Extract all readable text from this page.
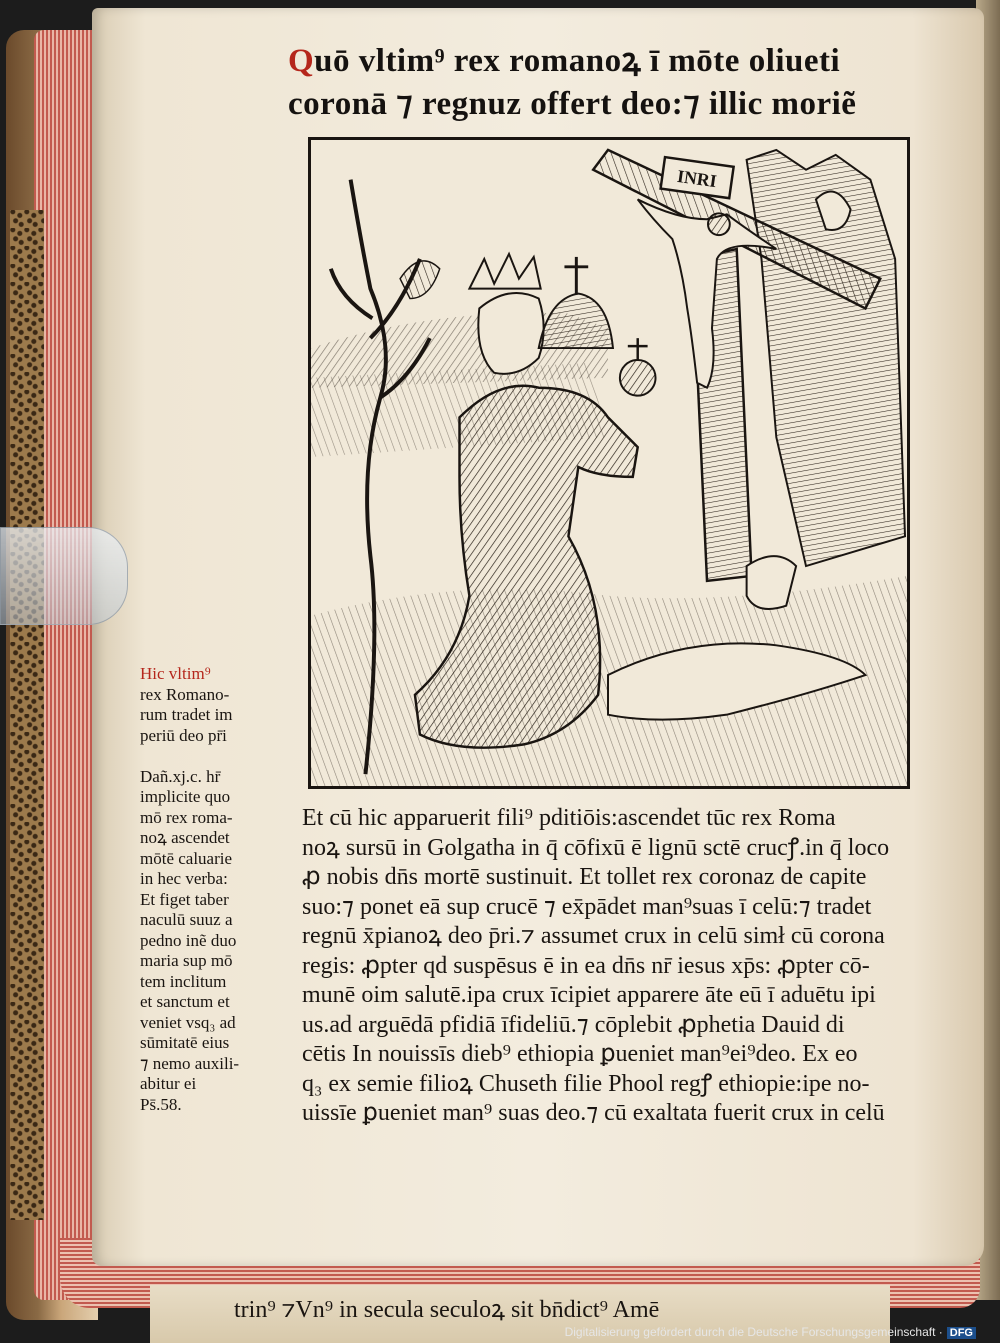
Quō vltim⁹ rex romanoꝝ ī mōte oliueti
coronā ⁊ regnuz offert deo:⁊ illic moriẽ
INRI
Hic vltim⁹
rex Romano-
rum tradet im
periū deo pr̄i

Dañ.xj.c. hr̄
implicite quo
mō rex roma-
noꝝ ascendet
mōtē caluarie
in hec verba:
Et figet taber
naculū suuz a
pedno inẽ duo
maria sup mō
tem inclitum
et sanctum et
veniet vsq₃ ad
sūmitatē eius
⁊ nemo auxili-
abitur ei
Ps̄.58.
Et cū hic apparuerit fili⁹ pditiōis:ascendet tūc rex Roma
noꝝ sursū in Golgatha in q̄ cōfixū ē lignū sctē crucꝭ.in q̄ loco
ꝓ nobis dn̄s mortē sustinuit. Et tollet rex coronaz de capite
suo:⁊ ponet eā sup crucē ⁊ ex̄pādet man⁹suas ī celū:⁊ tradet
regnū x̄pianoꝝ deo p̄ri.⁊ assumet crux in celū simł cū corona
regis: ꝓpter qd suspēsus ē in ea dn̄s nr̄ iesus xp̄s: ꝓpter cō-
munē oim salutē.ipa crux īcipiet apparere āte eū ī aduētu ipi
us.ad arguēdā pfidiā īfideliū.⁊ cōplebit ꝓphetia Dauid di
cētis In nouissīs dieb⁹ ethiopia ꝑueniet man⁹ei⁹deo. Ex eo
q₃ ex semie filioꝝ Chuseth filie Phool regꝭ ethiopie:ipe no-
uissīe ꝑueniet man⁹ suas deo.⁊ cū exaltata fuerit crux in celū
trin⁹ ⁊Vn⁹ in secula seculoꝝ sit bn̄dict⁹ Amē
Digitalisierung gefördert durch die Deutsche Forschungsgemeinschaft · DFG
